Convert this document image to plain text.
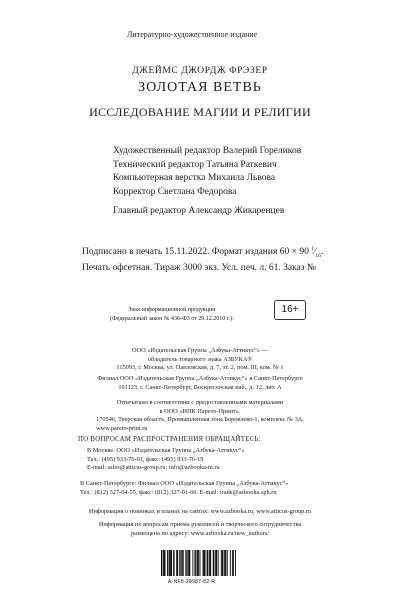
Литературно-художественное издание
ДЖЕЙМС ДЖОРДЖ ФРЭЗЕР
ЗОЛОТАЯ ВЕТВЬ
ИССЛЕДОВАНИЕ МАГИИ И РЕЛИГИИ
Художественный редактор Валерий Гореликов
Технический редактор Татьяна Раткевич
Компьютерная верстка Михаила Львова
Корректор Светлана Федорова
Главный редактор Александр Жикаренцев
Подписано в печать 15.11.2022. Формат издания 60 × 90 $^1⁄_{16}$.
Печать офсетная. Тираж 3000 экз. Усл. печ. л. 61. Заказ №
Знак информационной продукции
(Федеральный закон № 436-ФЗ от 29.12.2010 г.):
16+
ООО «Издательская Группа „Азбука-Аттикус“» —
обладатель товарного знака АЗБУКА®
115093, г. Москва, ул. Павловская, д. 7, эт. 2, пом. III, ком. № 1
Филиал ООО «Издательская Группа „Азбука-Аттикус“» в Санкт-Петербурге
191123, г. Санкт-Петербург, Воскресенская наб., д. 12, лит. А
Отпечатано в соответствии с предоставленными материалами
в ООО «ИПК Парето-Принт».
170546, Тверская область, Промышленная зона Боровлево-1, комплекс № 3А.
www.pareto-print.ru
ПО ВОПРОСАМ РАСПРОСТРАНЕНИЯ ОБРАЩАЙТЕСЬ:
В Москве: ООО «Издательская Группа „Азбука-Аттикус“»
Тел.: (495) 933-76-01, факс: (495) 933-76-19
E-mail: sales@atticus-group.ru; info@azbooka-m.ru
В Санкт-Петербурге: Филиал ООО «Издательская Группа „Азбука-Аттикус“»
Тел.: (812) 327-04-55, факс: (812) 327-01-60. E-mail: trade@azbooka.spb.ru
Информация о новинках и планах на сайтах: www.azbooka.ru, www.atticus-group.ru
Информация по вопросам приема рукописей и творческого сотрудничества
размещена по адресу: www.azbooka.ru/new_authors/
A-NF8-28987-82-R
